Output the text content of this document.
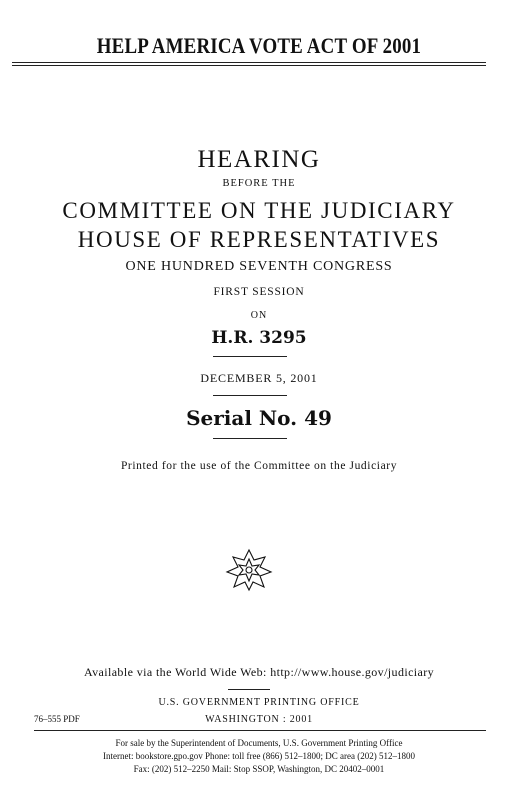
HELP AMERICA VOTE ACT OF 2001
HEARING
BEFORE THE
COMMITTEE ON THE JUDICIARY
HOUSE OF REPRESENTATIVES
ONE HUNDRED SEVENTH CONGRESS
FIRST SESSION
ON
H.R. 3295
DECEMBER 5, 2001
Serial No. 49
Printed for the use of the Committee on the Judiciary
Available via the World Wide Web: http://www.house.gov/judiciary
U.S. GOVERNMENT PRINTING OFFICE
76–555 PDF	WASHINGTON : 2001
For sale by the Superintendent of Documents, U.S. Government Printing Office
Internet: bookstore.gpo.gov Phone: toll free (866) 512–1800; DC area (202) 512–1800
Fax: (202) 512–2250 Mail: Stop SSOP, Washington, DC 20402–0001
